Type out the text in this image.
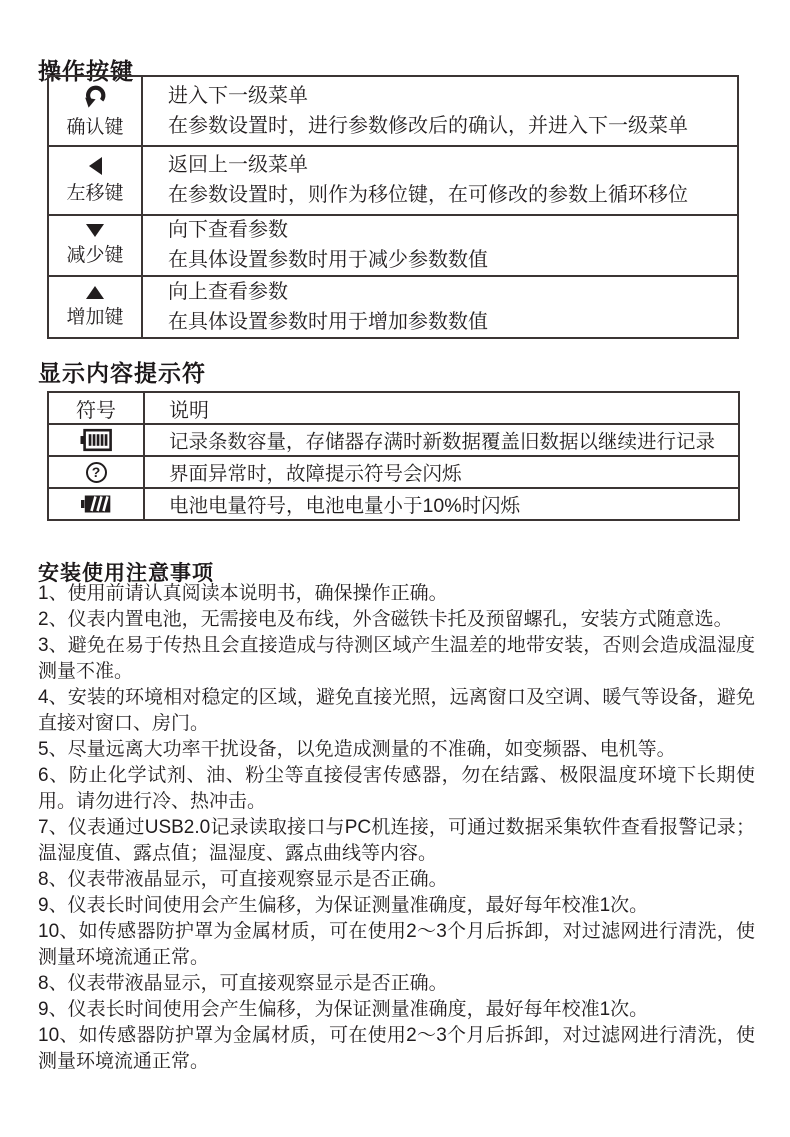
操作按键
确认键
进入下一级菜单
在参数设置时，进行参数修改后的确认，并进入下一级菜单
左移键
返回上一级菜单
在参数设置时，则作为移位键，在可修改的参数上循环移位
减少键
向下查看参数
在具体设置参数时用于减少参数数值
增加键
向上查看参数
在具体设置参数时用于增加参数数值
显示内容提示符
符号	说明
记录条数容量，存储器存满时新数据覆盖旧数据以继续进行记录
?	界面异常时，故障提示符号会闪烁
电池电量符号，电池电量小于10%时闪烁
安装使用注意事项

1、使用前请认真阅读本说明书，确保操作正确。

2、仪表内置电池，无需接电及布线，外含磁铁卡托及预留螺孔，安装方式随意选。

3、避免在易于传热且会直接造成与待测区域产生温差的地带安装，否则会造成温湿度测量不准。

4、安装的环境相对稳定的区域，避免直接光照，远离窗口及空调、暖气等设备，避免直接对窗口、房门。

5、尽量远离大功率干扰设备，以免造成测量的不准确，如变频器、电机等。

6、防止化学试剂、油、粉尘等直接侵害传感器，勿在结露、极限温度环境下长期使用。请勿进行冷、热冲击。

7、仪表通过USB2.0记录读取接口与PC机连接，可通过数据采集软件查看报警记录；温湿度值、露点值；温湿度、露点曲线等内容。

8、仪表带液晶显示，可直接观察显示是否正确。

9、仪表长时间使用会产生偏移，为保证测量准确度，最好每年校准1次。

10、如传感器防护罩为金属材质，可在使用2～3个月后拆卸，对过滤网进行清洗，使测量环境流通正常。

8、仪表带液晶显示，可直接观察显示是否正确。

9、仪表长时间使用会产生偏移，为保证测量准确度，最好每年校准1次。

10、如传感器防护罩为金属材质，可在使用2～3个月后拆卸，对过滤网进行清洗，使测量环境流通正常。
